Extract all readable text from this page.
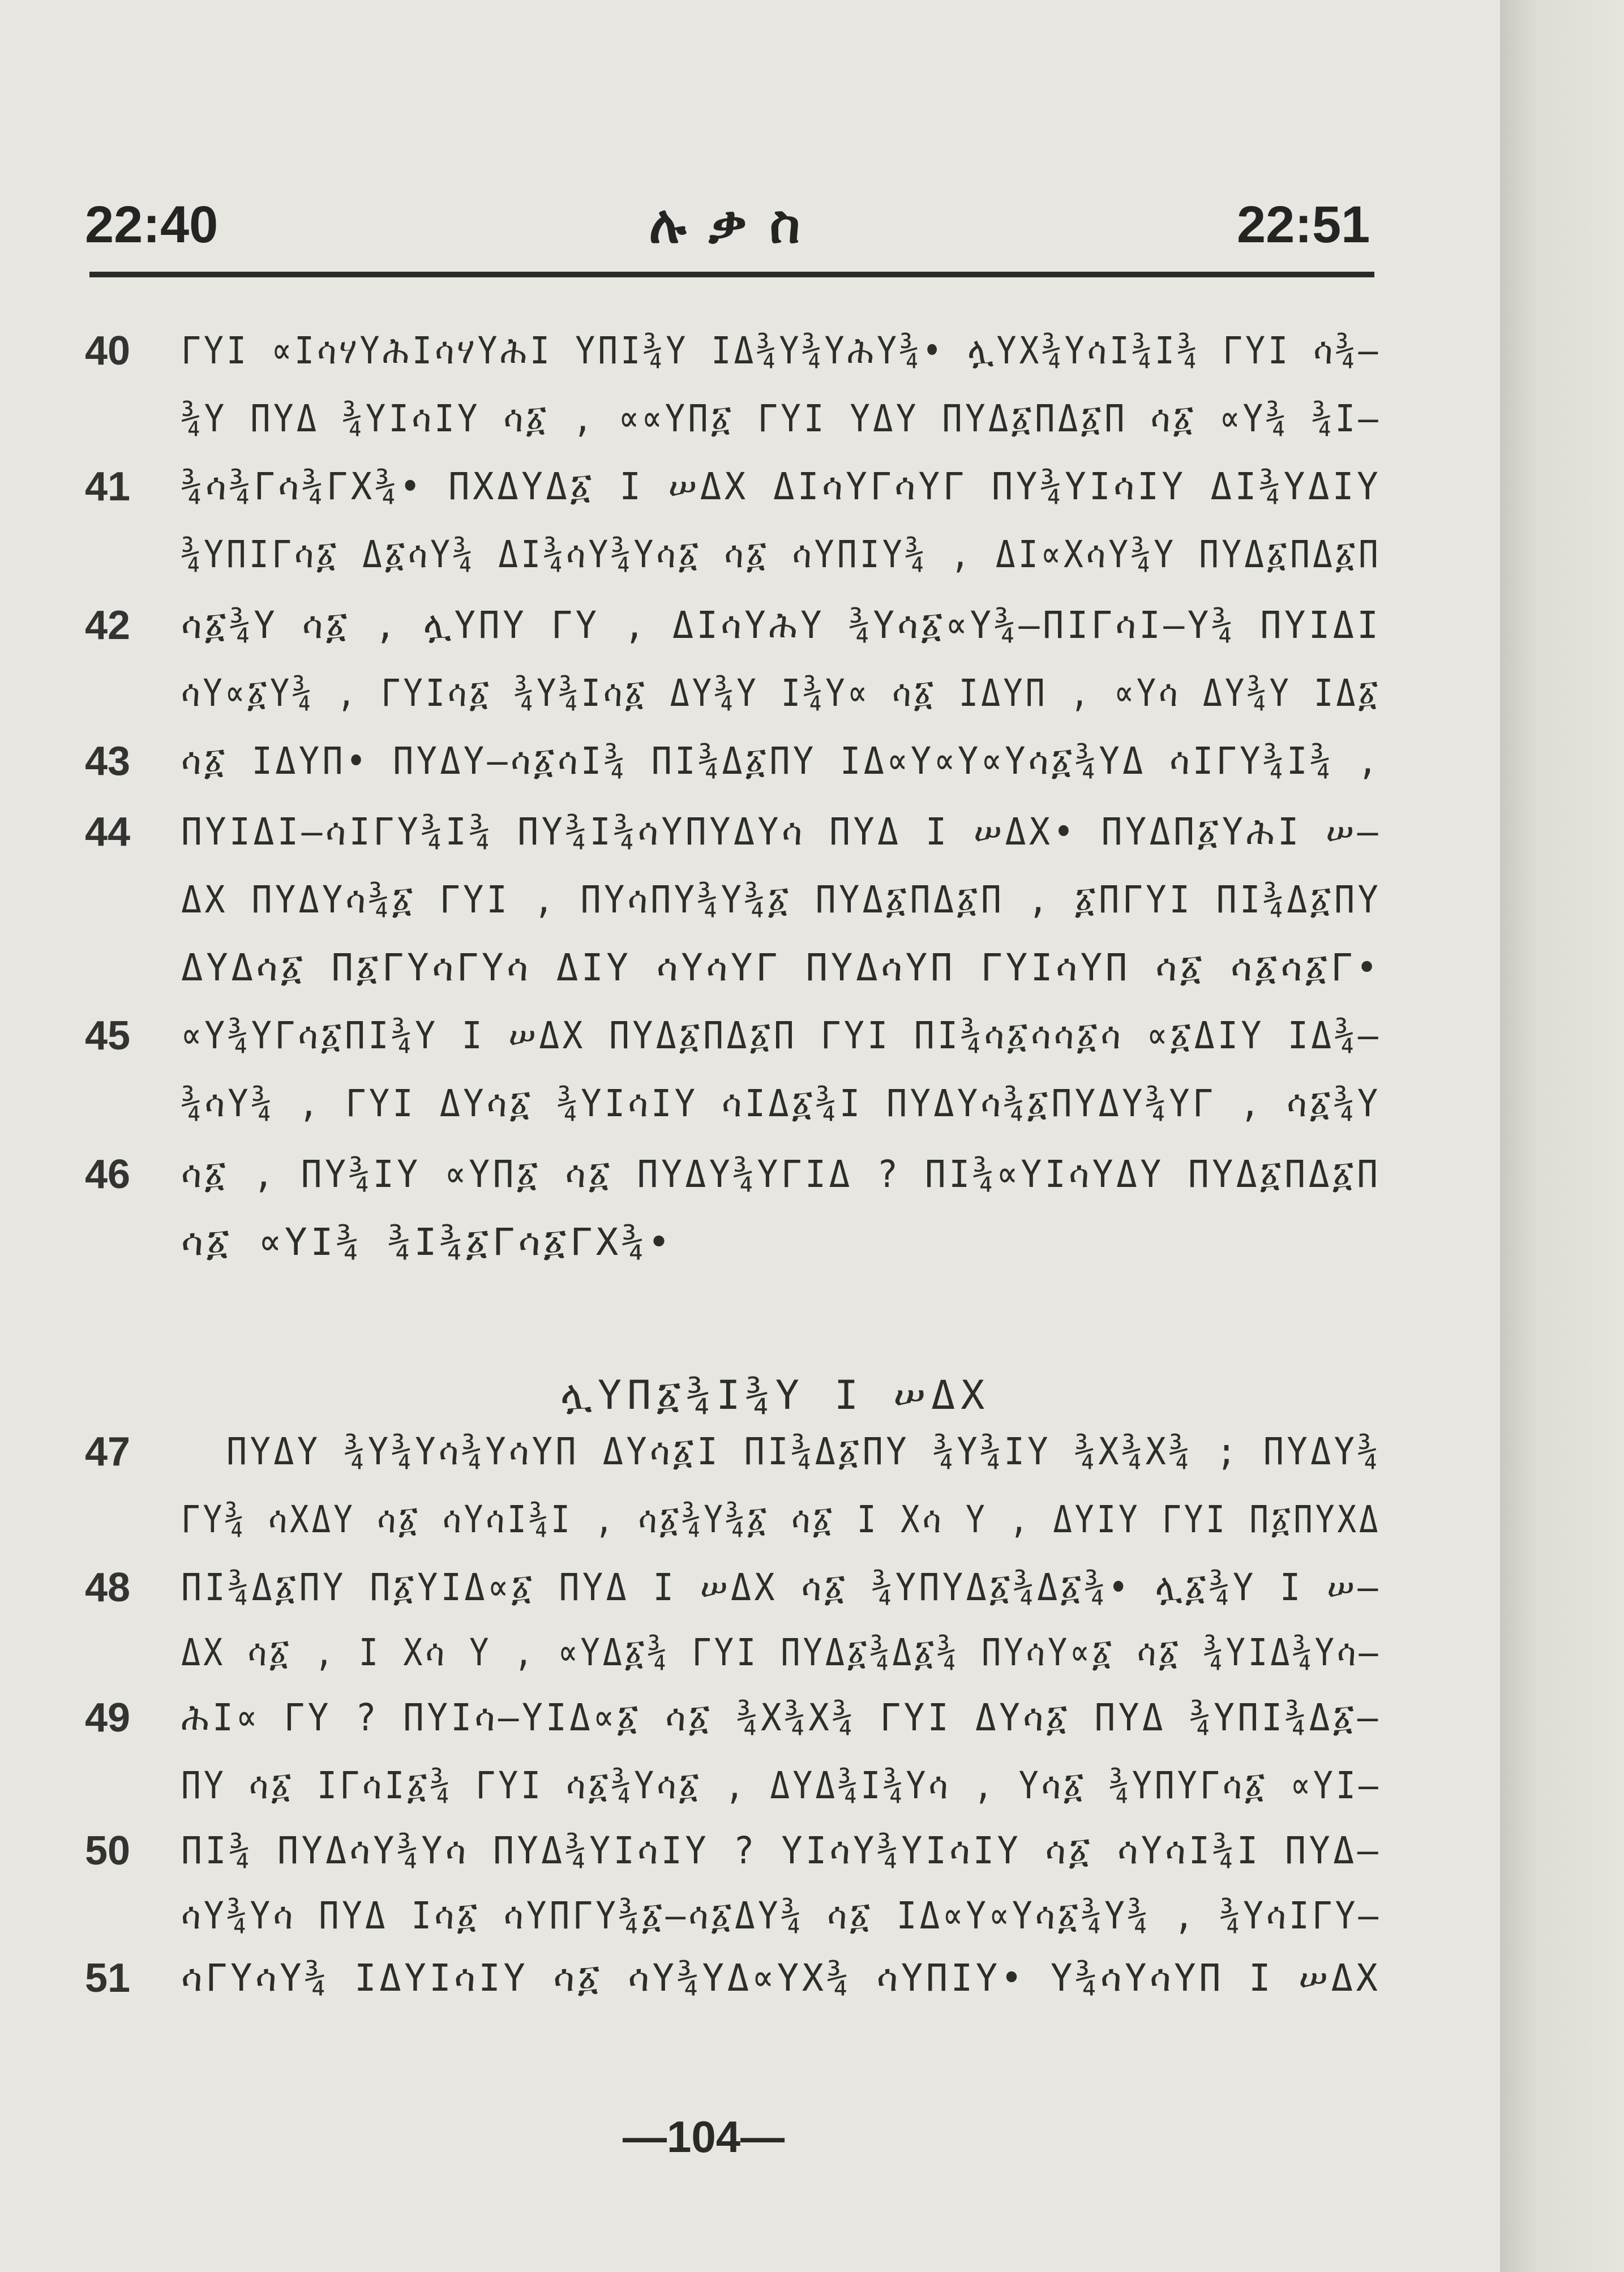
22:40	ሉቃስ	22:51
40
41
42
43
44
45
46
47
48
49
50
51
ГҮI ∝IሳሃYሕIሳሃYሕI ҮПI¾Y IΔ¾Ү¾ҮሕY¾• ሏYX¾YሳI¾I¾ ГҮI ሳ¾–
¾Y ПYΔ ¾ҮIሳIҮ ሳ፩ , ∝∝YП፩ ГҮI ҮΔҮ ПYΔ፩ПΔ፩П ሳ፩ ∝Y¾ ¾I–
¾ሳ¾Гሳ¾ГX¾• ПXΔYΔ፩ I ሠΔX ΔIሳYГሳYГ ПY¾ҮIሳIY ΔI¾YΔIY
¾ҮПIГሳ፩ Δ፩ሳY¾ ΔI¾ሳY¾Yሳ፩ ሳ፩ ሳYПIY¾ , ΔI∝XሳY¾Y ПYΔ፩ПΔ፩П
ሳ፩¾Y ሳ፩ , ሏYПY ГY , ΔIሳYሕY ¾Yሳ፩∝Y¾–ПIГሳI–Y¾ ПYIΔI
ሳY∝፩Y¾ , ГYIሳ፩ ¾Y¾Iሳ፩ ΔY¾Y I¾Y∝ ሳ፩ IΔYП , ∝Yሳ ΔY¾Y IΔ፩
ሳ፩ IΔYП• ПYΔY–ሳ፩ሳI¾ ПI¾Δ፩ПY IΔ∝Y∝Y∝Yሳ፩¾YΔ ሳIГY¾I¾ ,
ПYIΔI–ሳIГY¾I¾ ПY¾I¾ሳYПYΔYሳ ПYΔ I ሠΔX• ПYΔП፩YሕI ሠ–
ΔX ПYΔYሳ¾፩ ГYI , ПYሳПY¾Y¾፩ ПYΔ፩ПΔ፩П , ፩ПГYI ПI¾Δ፩ПY
ΔYΔሳ፩ П፩ГYሳГYሳ ΔIY ሳYሳYГ ПYΔሳYП ГYIሳYП ሳ፩ ሳ፩ሳ፩Г•
∝Y¾YГሳ፩ПI¾Y I ሠΔX ПYΔ፩ПΔ፩П ГYI ПI¾ሳ፩ሳሳ፩ሳ ∝፩ΔIY IΔ¾–
¾ሳY¾ , ГYI ΔYሳ፩ ¾YIሳIY ሳIΔ፩¾I ПYΔYሳ¾፩ПYΔY¾YГ , ሳ፩¾Y
ሳ፩ , ПY¾IY ∝YП፩ ሳ፩ ПYΔY¾YГIΔ ? ПI¾∝YIሳYΔY ПYΔ፩ПΔ፩П
ሳ፩ ∝YI¾ ¾I¾፩Гሳ፩ГX¾•
ሏYП፩¾I¾Y I ሠΔX
ПYΔY ¾Y¾Yሳ¾YሳYП ΔYሳ፩I ПI¾Δ፩ПY ¾Y¾IY ¾X¾X¾ ; ПYΔY¾
ГY¾ ሳXΔY ሳ፩ ሳYሳI¾I , ሳ፩¾Y¾፩ ሳ፩ I Xሳ Y , ΔYIY ГYI П፩ПYXΔ
ПI¾Δ፩ПY П፩YIΔ∝፩ ПYΔ I ሠΔX ሳ፩ ¾YПYΔ፩¾Δ፩¾• ሏ፩¾Y I ሠ–
ΔX ሳ፩ , I Xሳ Y , ∝YΔ፩¾ ГYI ПYΔ፩¾Δ፩¾ ПYሳY∝፩ ሳ፩ ¾YIΔ¾Yሳ–
ሕI∝ ГY ? ПYIሳ–YIΔ∝፩ ሳ፩ ¾X¾X¾ ГYI ΔYሳ፩ ПYΔ ¾YПI¾Δ፩–
ПY ሳ፩ IГሳI፩¾ ГYI ሳ፩¾Yሳ፩ , ΔYΔ¾I¾Yሳ , Yሳ፩ ¾YПYГሳ፩ ∝YI–
ПI¾ ПYΔሳY¾Yሳ ПYΔ¾YIሳIY ? YIሳY¾YIሳIY ሳ፩ ሳYሳI¾I ПYΔ–
ሳY¾Yሳ ПYΔ Iሳ፩ ሳYПГY¾፩–ሳ፩ΔY¾ ሳ፩ IΔ∝Y∝Yሳ፩¾Y¾ , ¾YሳIГY–
ሳГYሳY¾ IΔYIሳIY ሳ፩ ሳY¾YΔ∝YX¾ ሳYПIY• Y¾ሳYሳYП I ሠΔX
—104—
